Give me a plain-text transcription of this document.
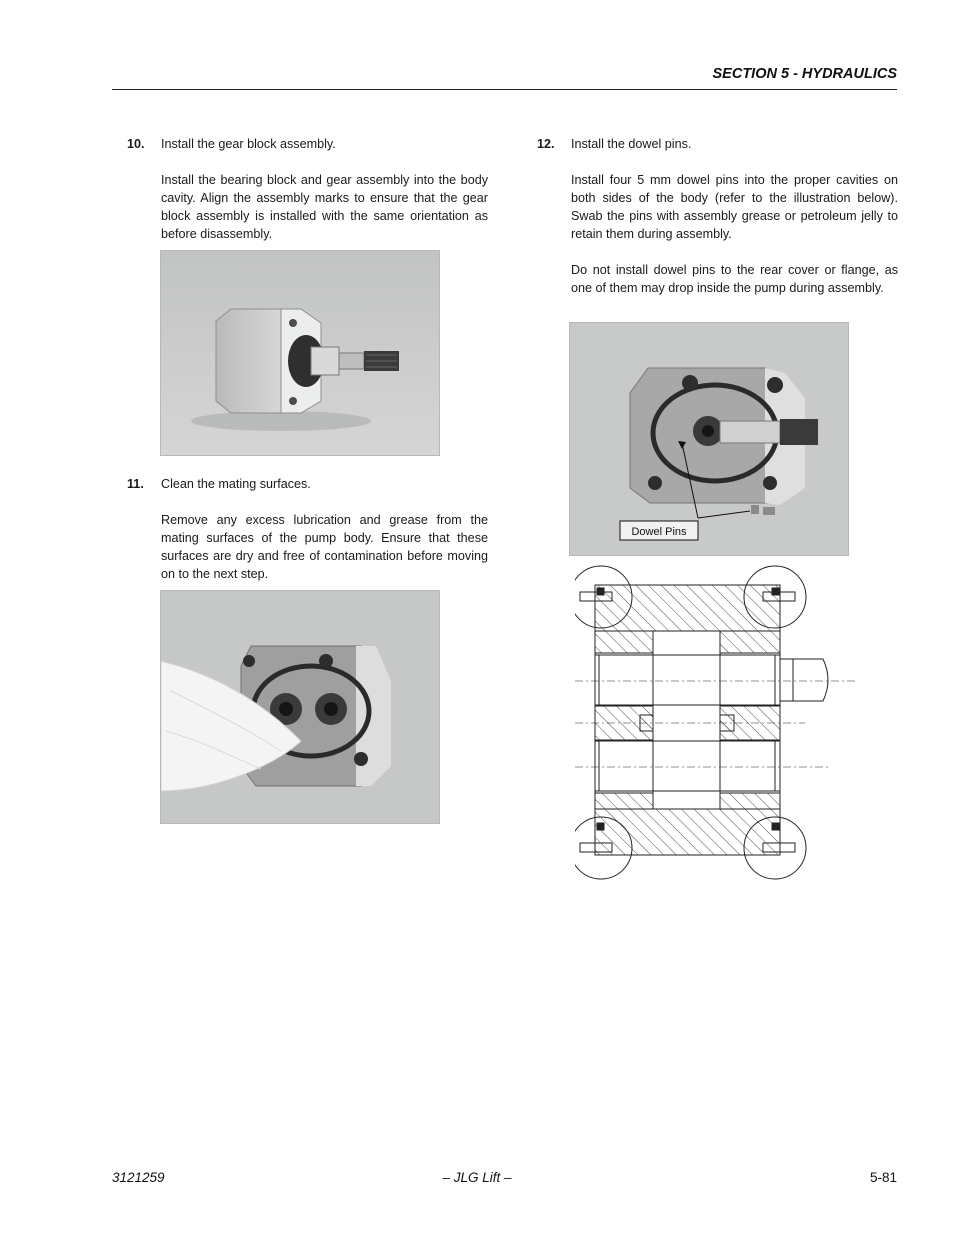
SECTION 5 - HYDRAULICS
10. Install the gear block assembly.

Install the bearing block and gear assembly into the body cavity. Align the assembly marks to ensure that the gear block assembly is installed with the same orientation as before disassembly.

11. Clean the mating surfaces.

Remove any excess lubrication and grease from the mating surfaces of the pump body. Ensure that these surfaces are dry and free of contamination before moving on to the next step.

12. Install the dowel pins.

Install four 5 mm dowel pins into the proper cavities on both sides of the body (refer to the illustration below). Swab the pins with assembly grease or petroleum jelly to retain them during assembly.

Do not install dowel pins to the rear cover or flange, as one of them may drop inside the pump during assembly.

Dowel Pins
3121259	– JLG Lift –	5-81
